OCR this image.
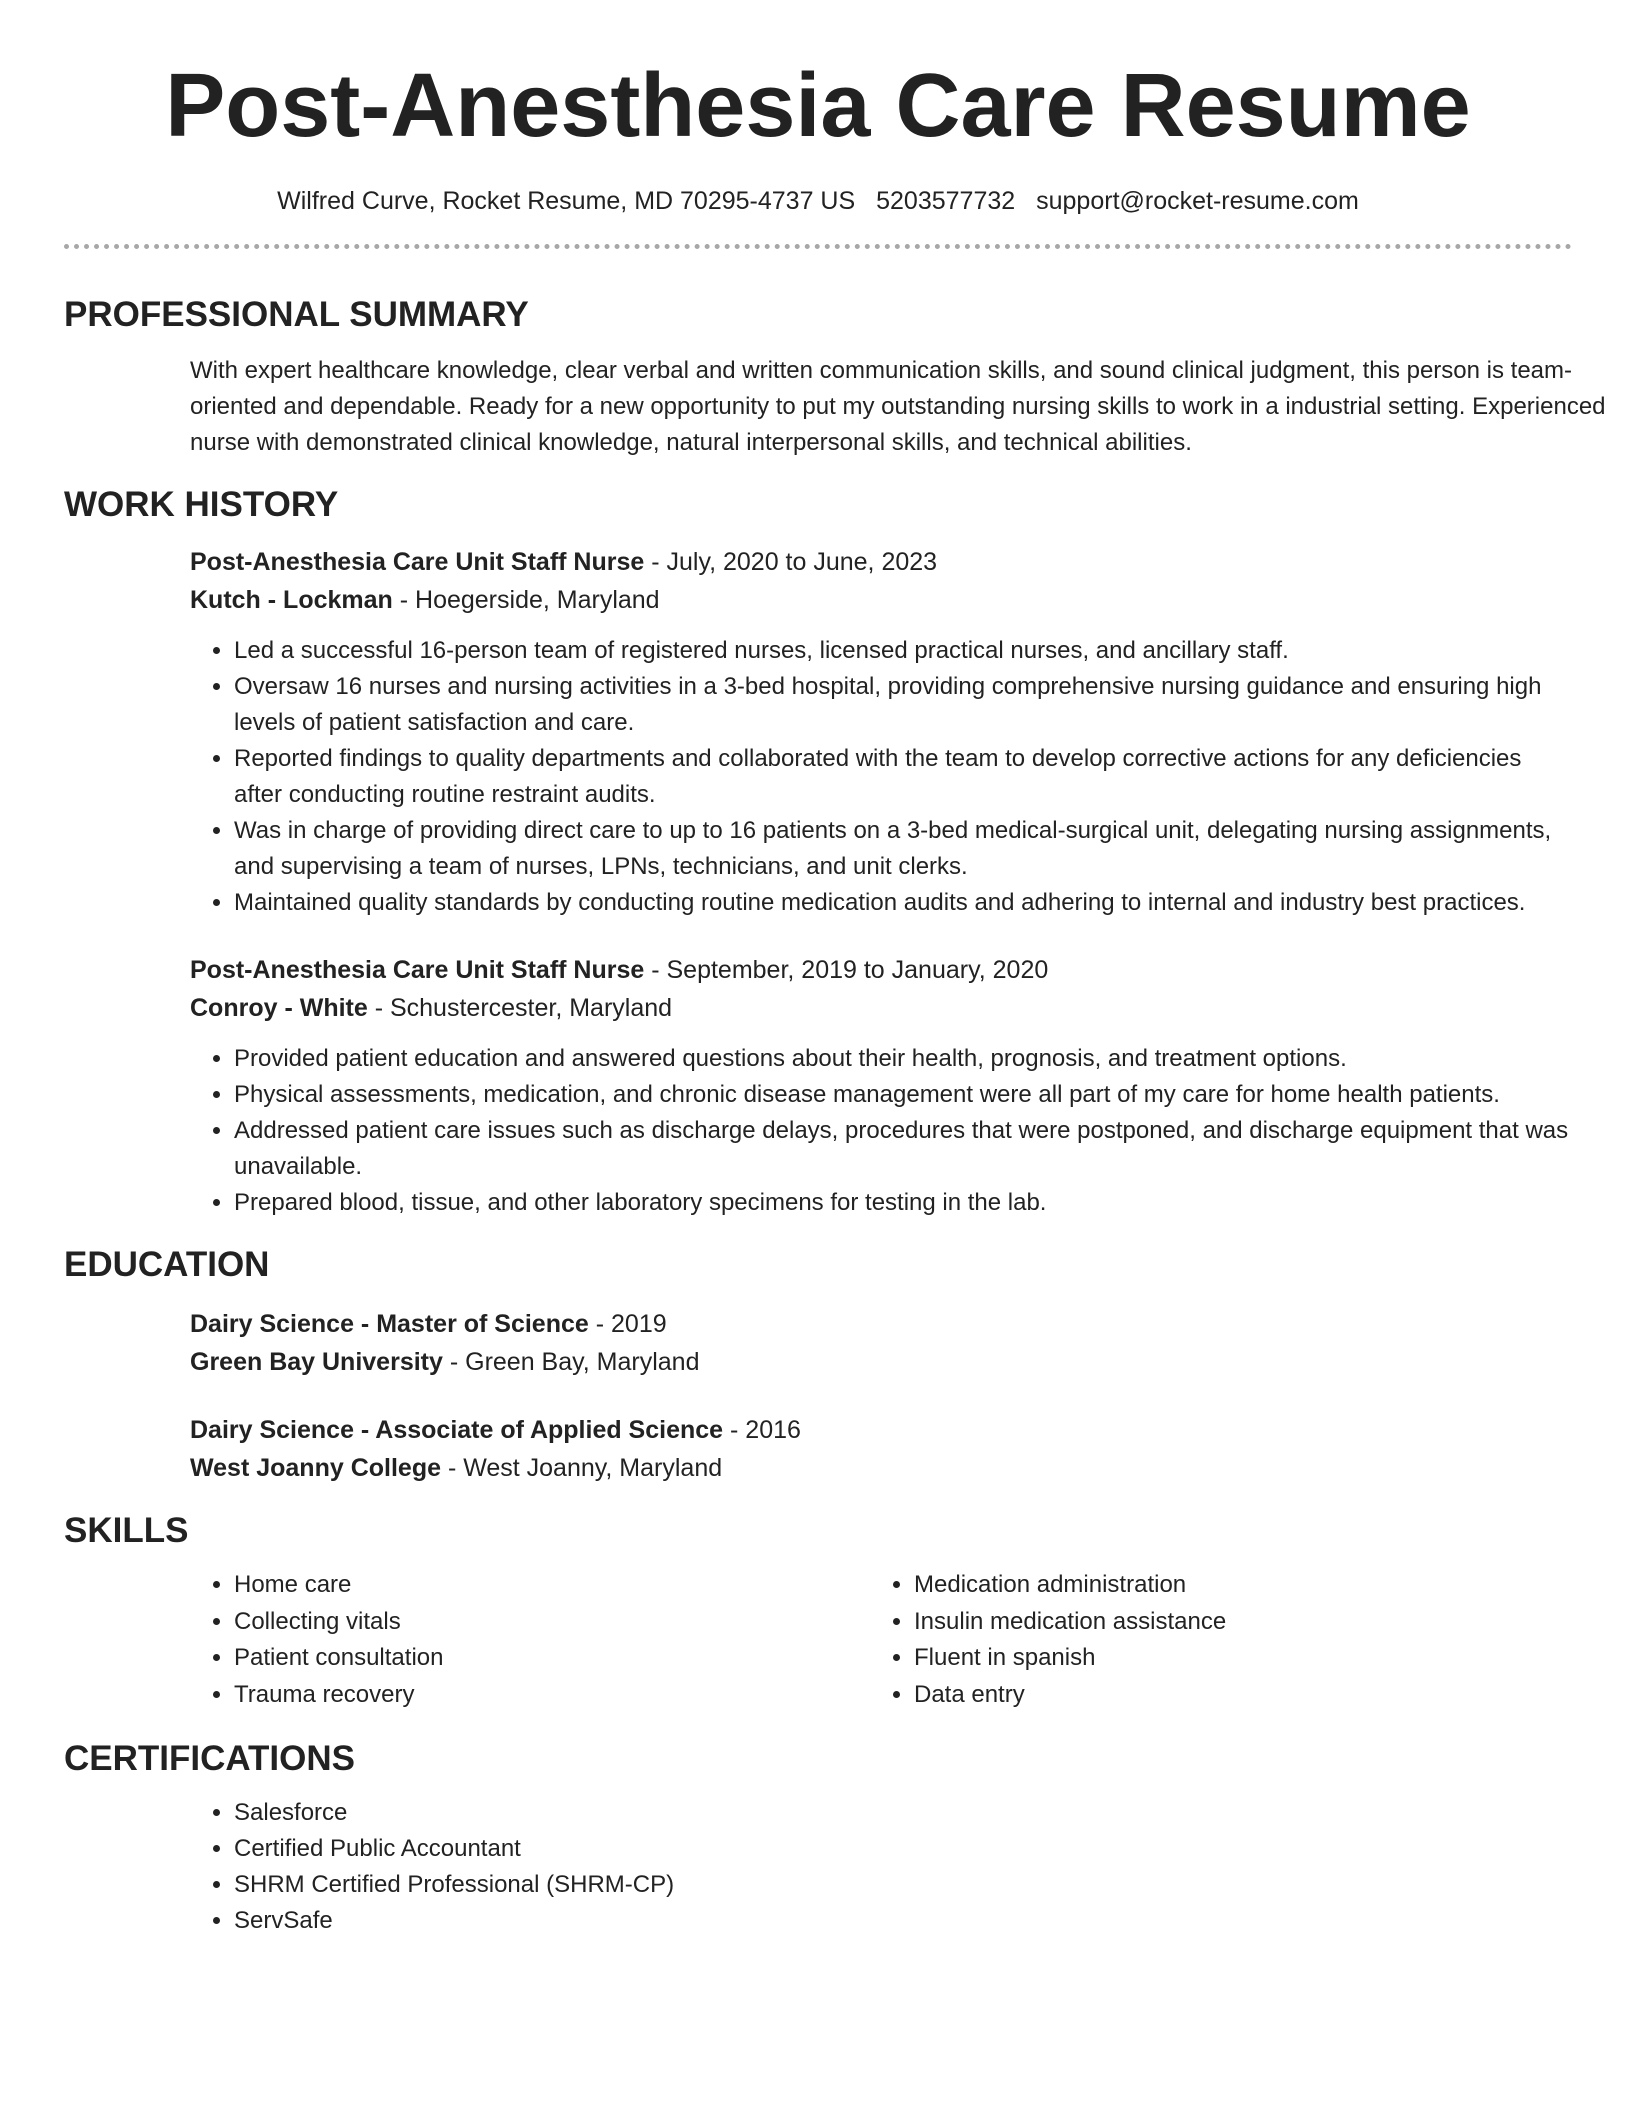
Post-Anesthesia Care Resume
Wilfred Curve, Rocket Resume, MD 70295-4737 US 5203577732 support@rocket-resume.com
PROFESSIONAL SUMMARY

With expert healthcare knowledge, clear verbal and written communication skills, and sound clinical judgment, this person is team-oriented and dependable. Ready for a new opportunity to put my outstanding nursing skills to work in a industrial setting. Experienced nurse with demonstrated clinical knowledge, natural interpersonal skills, and technical abilities.

WORK HISTORY
Post-Anesthesia Care Unit Staff Nurse - July, 2020 to June, 2023
Kutch - Lockman - Hoegerside, Maryland
• Led a successful 16-person team of registered nurses, licensed practical nurses, and ancillary staff.
• Oversaw 16 nurses and nursing activities in a 3-bed hospital, providing comprehensive nursing guidance and ensuring high levels of patient satisfaction and care.
• Reported findings to quality departments and collaborated with the team to develop corrective actions for any deficiencies after conducting routine restraint audits.
• Was in charge of providing direct care to up to 16 patients on a 3-bed medical-surgical unit, delegating nursing assignments, and supervising a team of nurses, LPNs, technicians, and unit clerks.
• Maintained quality standards by conducting routine medication audits and adhering to internal and industry best practices.
Post-Anesthesia Care Unit Staff Nurse - September, 2019 to January, 2020
Conroy - White - Schustercester, Maryland
• Provided patient education and answered questions about their health, prognosis, and treatment options.
• Physical assessments, medication, and chronic disease management were all part of my care for home health patients.
• Addressed patient care issues such as discharge delays, procedures that were postponed, and discharge equipment that was unavailable.
• Prepared blood, tissue, and other laboratory specimens for testing in the lab.
EDUCATION
Dairy Science - Master of Science - 2019
Green Bay University - Green Bay, Maryland
Dairy Science - Associate of Applied Science - 2016
West Joanny College - West Joanny, Maryland
SKILLS
• Home care
• Collecting vitals
• Patient consultation
• Trauma recovery
• Medication administration
• Insulin medication assistance
• Fluent in spanish
• Data entry
CERTIFICATIONS
• Salesforce
• Certified Public Accountant
• SHRM Certified Professional (SHRM-CP)
• ServSafe
